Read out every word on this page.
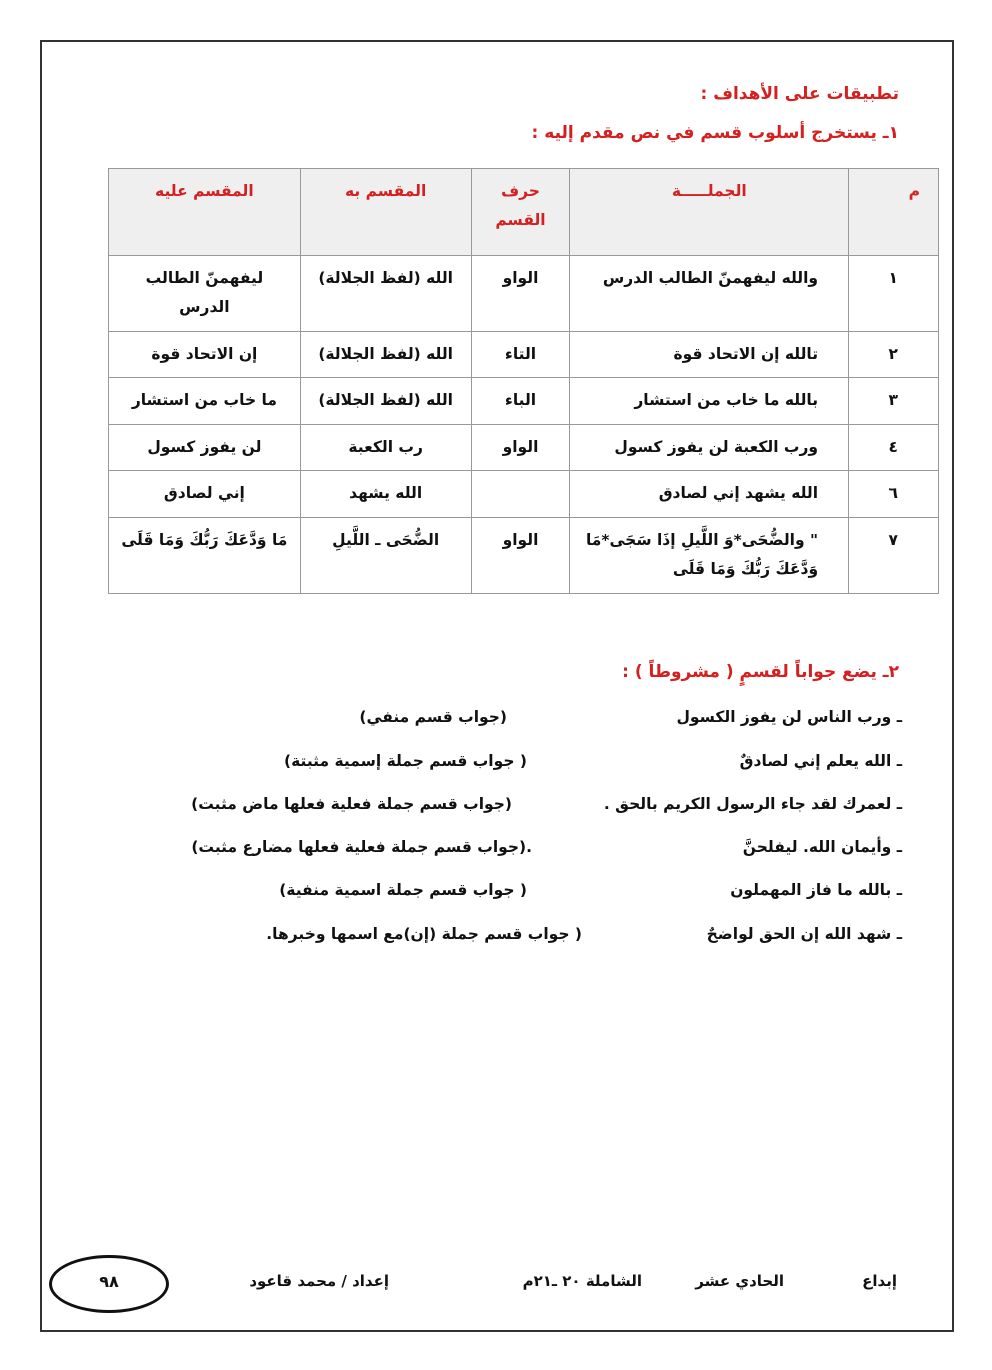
تطبيقات على الأهداف :
١ـ يستخرج أسلوب قسم في نص مقدم إليه :
م	الجملـــــة	حرف القسم	المقسم به	المقسم عليه
١	والله ليفهمنّ الطالب الدرس	الواو	الله (لفظ الجلالة)	ليفهمنّ الطالب الدرس
٢	تالله إن الاتحاد قوة	التاء	الله (لفظ الجلالة)	إن الاتحاد قوة
٣	بالله ما خاب من استشار	الباء	الله (لفظ الجلالة)	ما خاب من استشار
٤	ورب الكعبة لن يفوز كسول	الواو	رب الكعبة	لن يفوز كسول
٦	الله يشهد إني لصادق		الله يشهد	إني لصادق
٧	" والضُّحَى*وَ اللَّيلِ إذَا سَجَى*مَا وَدَّعَكَ رَبُّكَ وَمَا قَلَى	الواو	الضُّحَى ـ اللَّيلِ	مَا وَدَّعَكَ رَبُّكَ وَمَا قَلَى
٢ـ يضع جواباً لقسمٍ ( مشروطاً ) :
ـ ورب الناس لن يفوز الكسول
(جواب قسم منفي)
ـ الله يعلم إني لصادقٌ
( جواب قسم جملة إسمية مثبتة)
ـ لعمرك لقد جاء الرسول الكريم بالحق .
(جواب قسم جملة فعلية فعلها ماض مثبت)
ـ وأيمان الله. ليفلحنَّ
.(جواب قسم جملة فعلية فعلها مضارع مثبت)
ـ بالله ما فاز المهملون
( جواب قسم جملة اسمية منفية)
ـ شهد الله إن الحق لواضحٌ
( جواب قسم جملة (إن)مع اسمها وخبرها.
إبداع
الحادي عشر
الشاملة ٢٠ ـ٢١م
إعداد / محمد قاعود
٩٨
